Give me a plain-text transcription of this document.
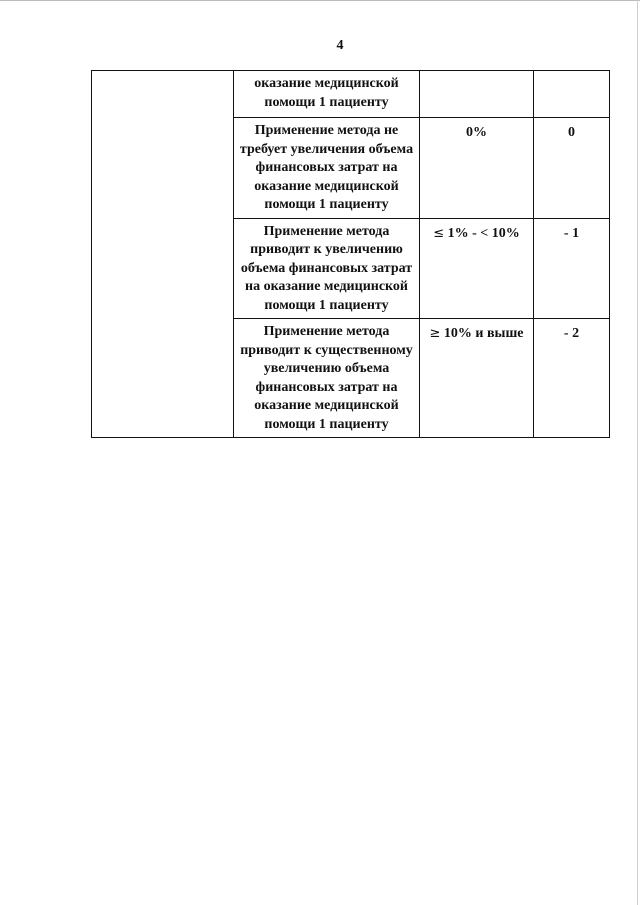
4
	оказание медицинской помощи 1 пациенту		
	Применение метода не требует увеличения объема финансовых затрат на оказание медицинской помощи 1 пациенту	0%	0
	Применение метода приводит к увеличению объема финансовых затрат на оказание медицинской помощи 1 пациенту	≤ 1% - < 10%	- 1
	Применение метода приводит к существенному увеличению объема финансовых затрат на оказание медицинской помощи 1 пациенту	≥ 10% и выше	- 2
